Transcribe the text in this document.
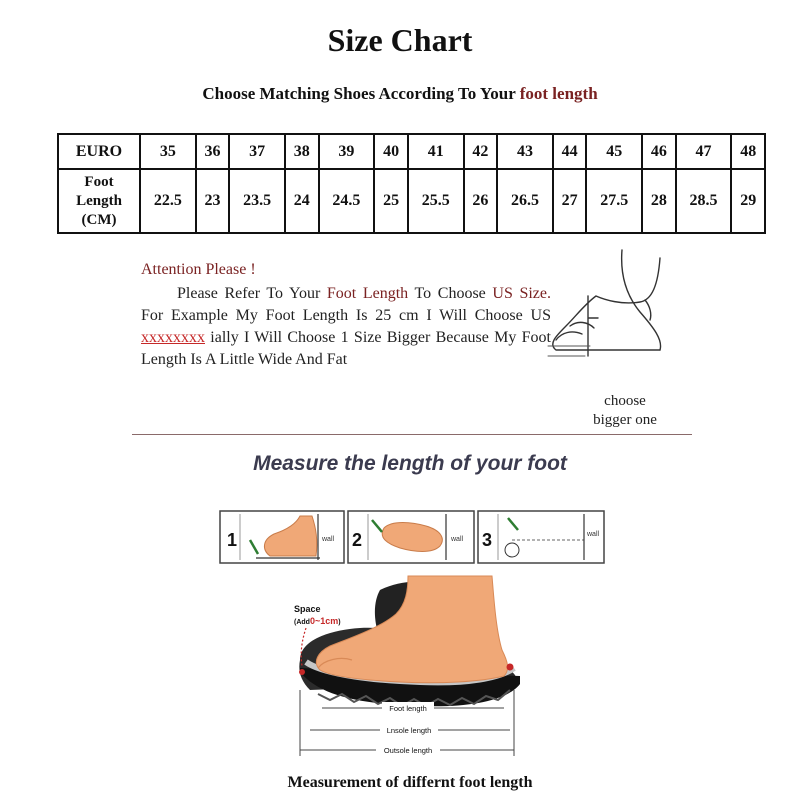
Size Chart
Choose Matching Shoes According To Your foot length
EURO	35	36	37	38	39	40	41	42	43	44	45	46	47	48

Foot
Length
(CM)	22.5	23	23.5	24	24.5	25	25.5	26	26.5	27	27.5	28	28.5	29
Attention Please !
Please Refer To Your Foot Length To Choose US Size. For Example My Foot Length Is 25 cm I Will Choose US xxxxxxxx ially I Will Choose 1 Size Bigger Because My Foot Length Is A Little Wide And Fat
choose
bigger one
Measure the length of your foot
1	wall 2	wall 3	wall
Space
(Add0~1cm)
Foot length
Lnsole length
Outsole length
Measurement of differnt foot length
